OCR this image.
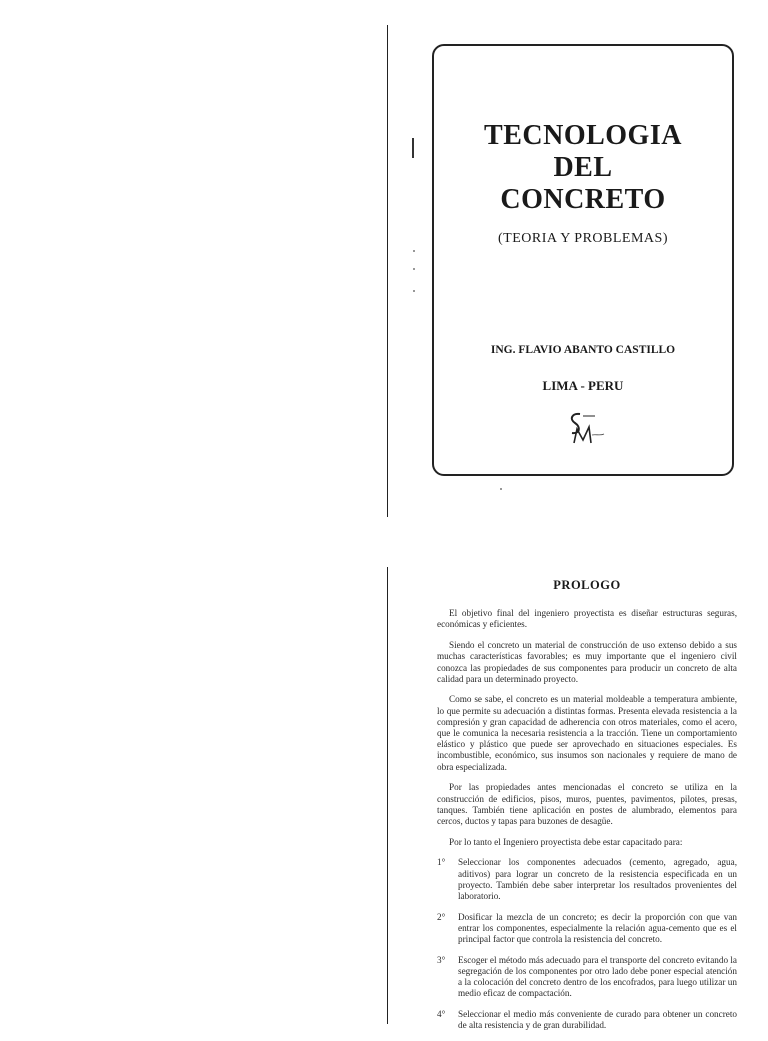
TECNOLOGIA
DEL
CONCRETO
(TEORIA Y PROBLEMAS)
ING. FLAVIO ABANTO CASTILLO
LIMA - PERU
PROLOGO

El objetivo final del ingeniero proyectista es diseñar estructuras seguras, económicas y eficientes.

Siendo el concreto un material de construcción de uso extenso debido a sus muchas características favorables; es muy importante que el ingeniero civil conozca las propiedades de sus componentes para producir un concreto de alta calidad para un determinado proyecto.

Como se sabe, el concreto es un material moldeable a temperatura ambiente, lo que permite su adecuación a distintas formas. Presenta elevada resistencia a la compresión y gran capacidad de adherencia con otros materiales, como el acero, que le comunica la necesaria resistencia a la tracción. Tiene un comportamiento elástico y plástico que puede ser aprovechado en situaciones especiales. Es incombustible, económico, sus insumos son nacionales y requiere de mano de obra especializada.

Por las propiedades antes mencionadas el concreto se utiliza en la construcción de edificios, pisos, muros, puentes, pavimentos, pilotes, presas, tanques. También tiene aplicación en postes de alumbrado, elementos para cercos, ductos y tapas para buzones de desagüe.

Por lo tanto el Ingeniero proyectista debe estar capacitado para:

1° Seleccionar los componentes adecuados (cemento, agregado, agua, aditivos) para lograr un concreto de la resistencia especificada en un proyecto. También debe saber interpretar los resultados provenientes del laboratorio.
2° Dosificar la mezcla de un concreto; es decir la proporción con que van entrar los componentes, especialmente la relación agua-cemento que es el principal factor que controla la resistencia del concreto.
3° Escoger el método más adecuado para el transporte del concreto evitando la segregación de los componentes por otro lado debe poner especial atención a la colocación del concreto dentro de los encofrados, para luego utilizar un medio eficaz de compactación.
4° Seleccionar el medio más conveniente de curado para obtener un concreto de alta resistencia y de gran durabilidad.
